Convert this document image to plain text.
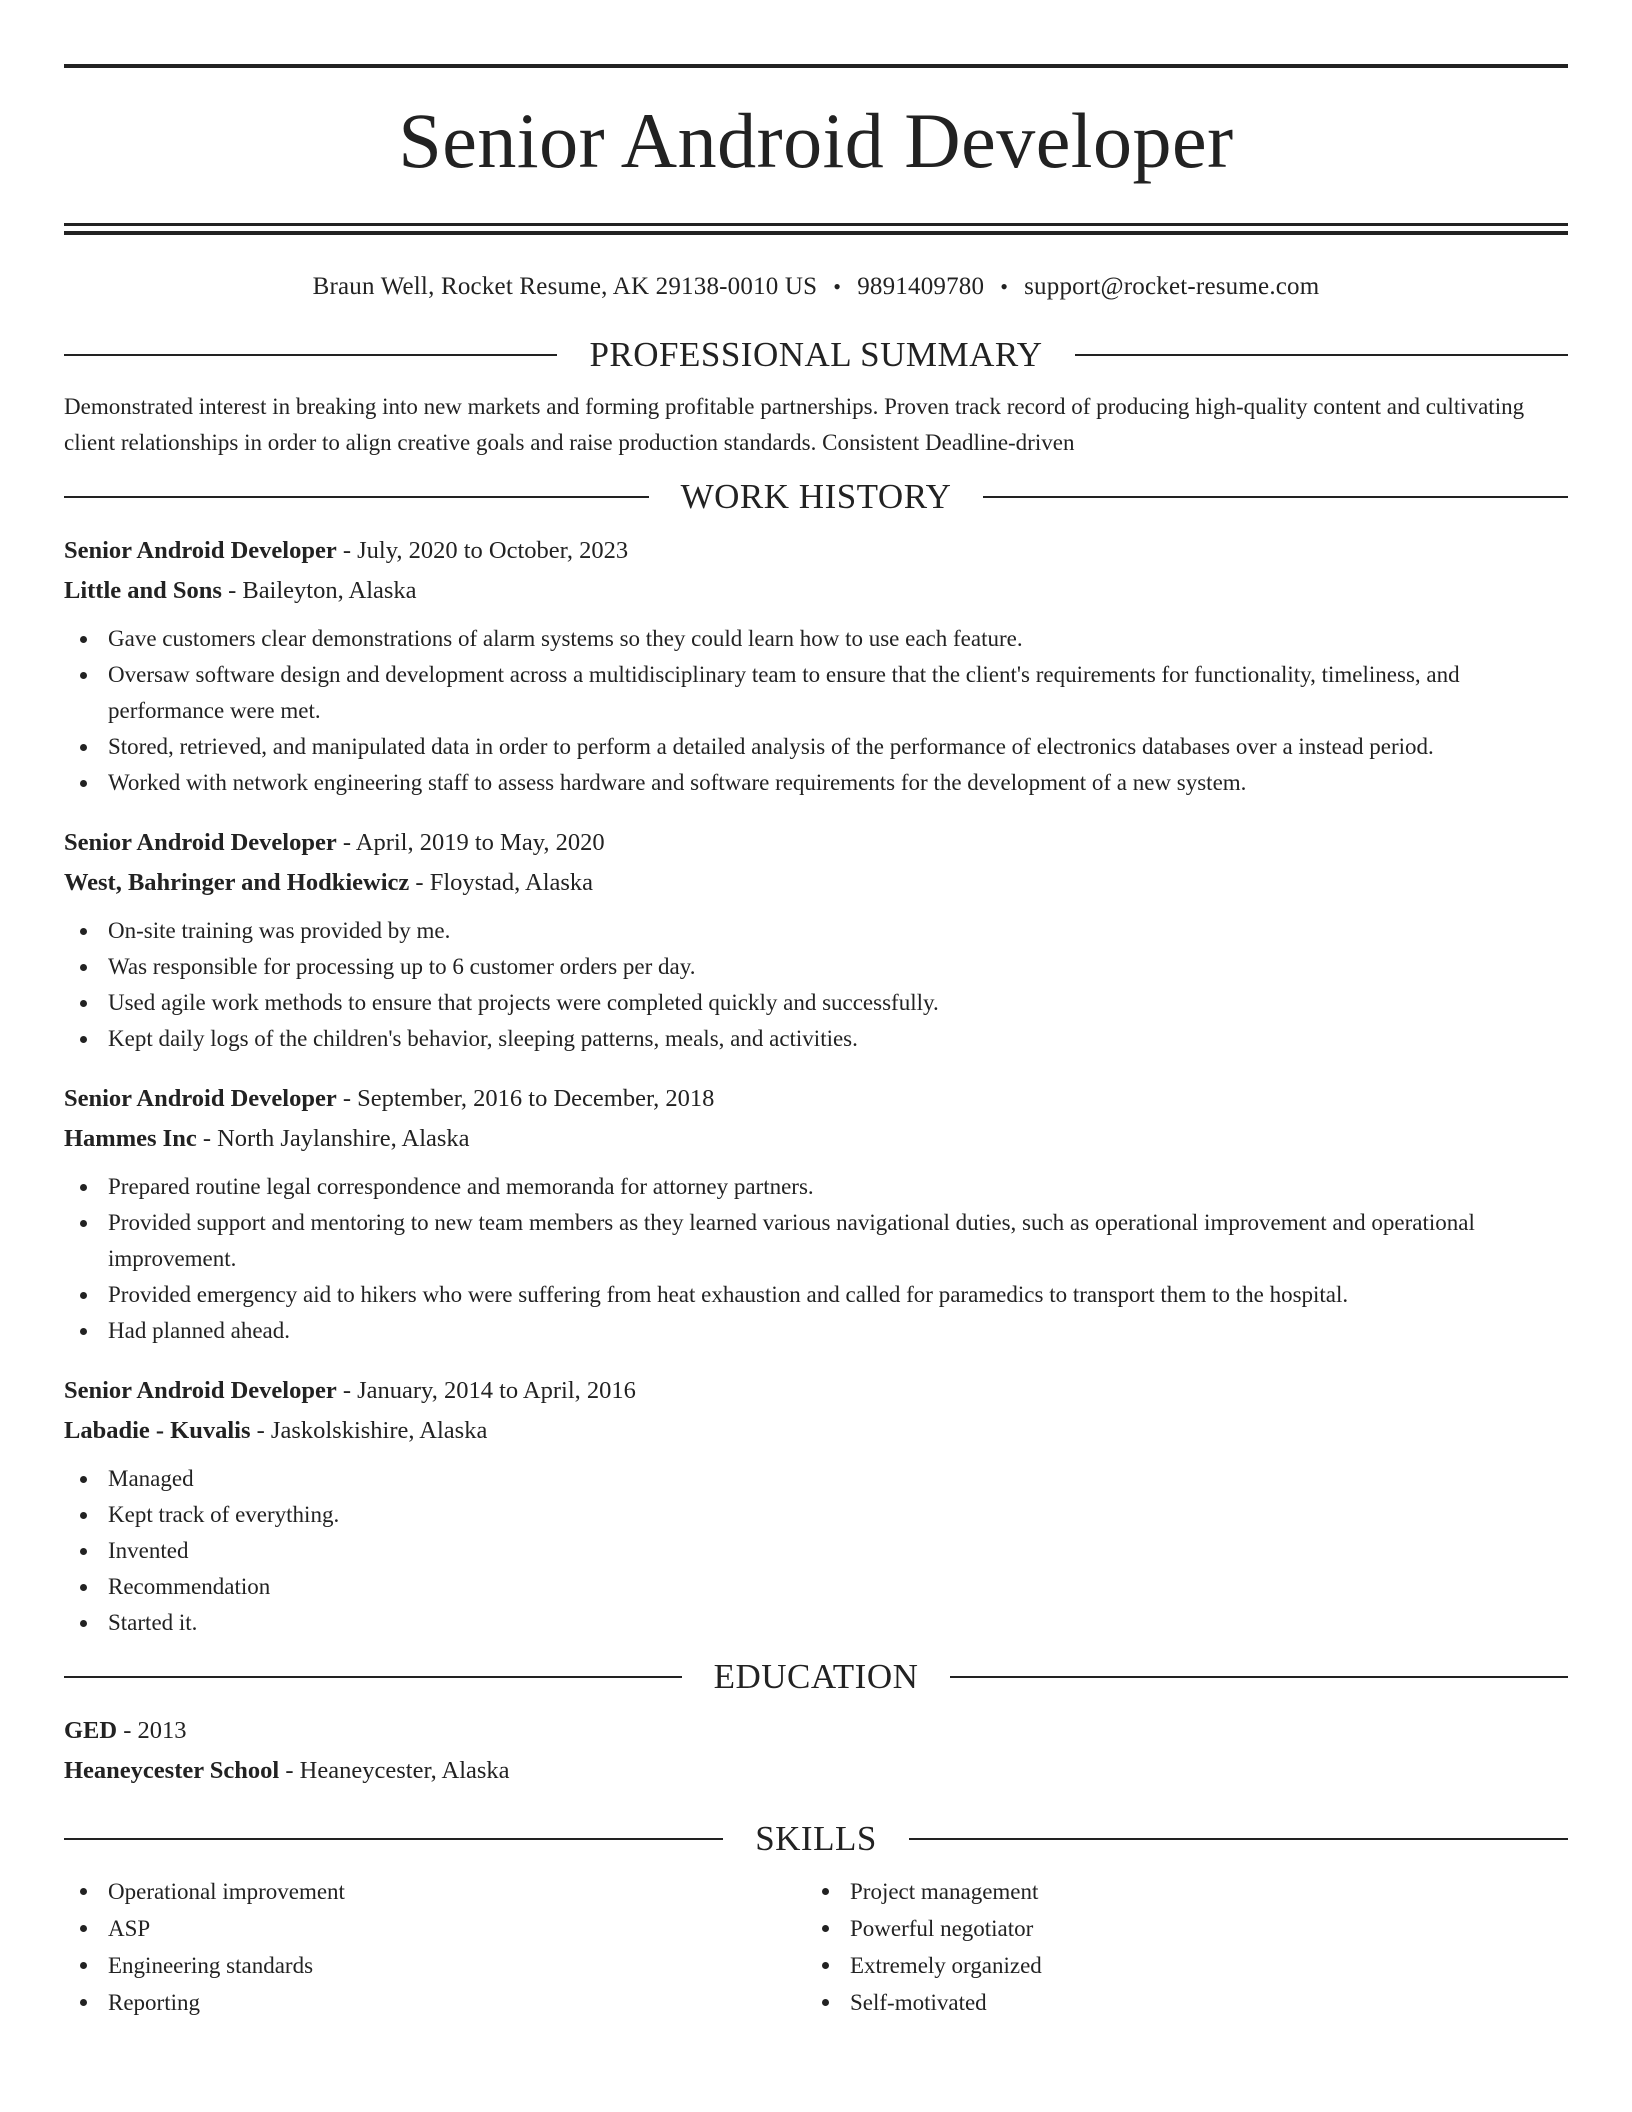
Senior Android Developer
Braun Well, Rocket Resume, AK 29138-0010 US • 9891409780 • support@rocket-resume.com
PROFESSIONAL SUMMARY
Demonstrated interest in breaking into new markets and forming profitable partnerships. Proven track record of producing high-quality content and cultivating client relationships in order to align creative goals and raise production standards. Consistent Deadline-driven
WORK HISTORY
Senior Android Developer - July, 2020 to October, 2023
Little and Sons - Baileyton, Alaska
Gave customers clear demonstrations of alarm systems so they could learn how to use each feature.
Oversaw software design and development across a multidisciplinary team to ensure that the client's requirements for functionality, timeliness, and performance were met.
Stored, retrieved, and manipulated data in order to perform a detailed analysis of the performance of electronics databases over a instead period.
Worked with network engineering staff to assess hardware and software requirements for the development of a new system.
Senior Android Developer - April, 2019 to May, 2020
West, Bahringer and Hodkiewicz - Floystad, Alaska
On-site training was provided by me.
Was responsible for processing up to 6 customer orders per day.
Used agile work methods to ensure that projects were completed quickly and successfully.
Kept daily logs of the children's behavior, sleeping patterns, meals, and activities.
Senior Android Developer - September, 2016 to December, 2018
Hammes Inc - North Jaylanshire, Alaska
Prepared routine legal correspondence and memoranda for attorney partners.
Provided support and mentoring to new team members as they learned various navigational duties, such as operational improvement and operational improvement.
Provided emergency aid to hikers who were suffering from heat exhaustion and called for paramedics to transport them to the hospital.
Had planned ahead.
Senior Android Developer - January, 2014 to April, 2016
Labadie - Kuvalis - Jaskolskishire, Alaska
Managed
Kept track of everything.
Invented
Recommendation
Started it.
EDUCATION
GED - 2013
Heaneycester School - Heaneycester, Alaska
SKILLS
Operational improvement
ASP
Engineering standards
Reporting
Project management
Powerful negotiator
Extremely organized
Self-motivated
